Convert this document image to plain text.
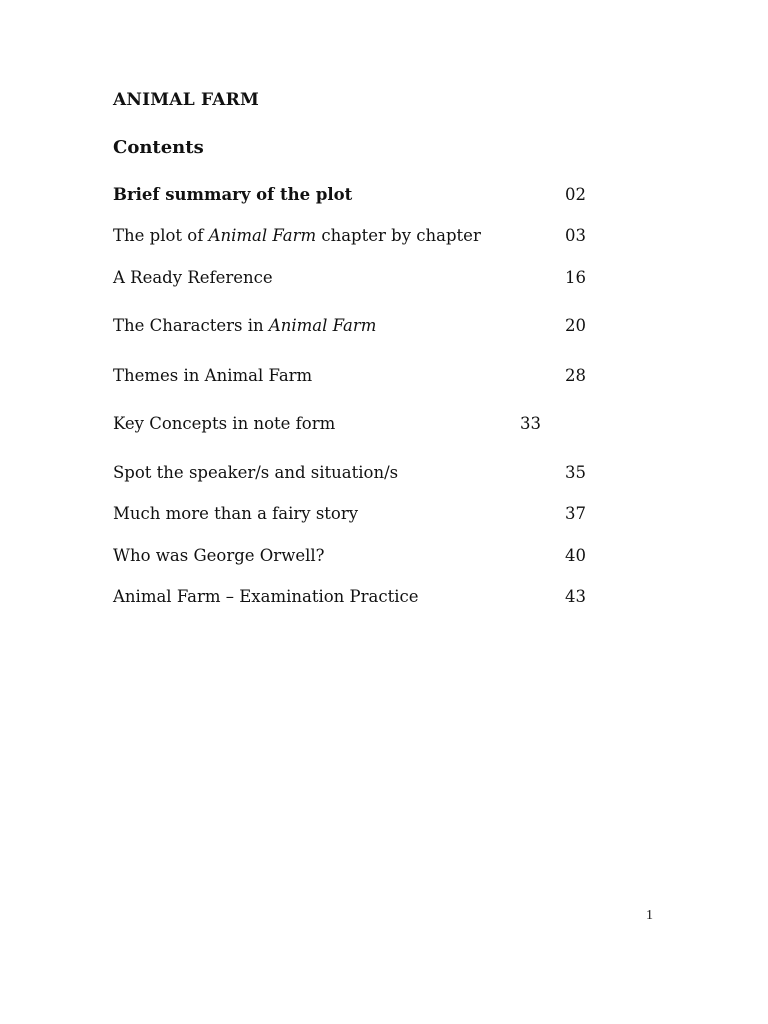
ANIMAL FARM
Contents
Brief summary of the plot	02
The plot of Animal Farm chapter by chapter	03
A Ready Reference	16
The Characters in Animal Farm	20
Themes in Animal Farm	28
Key Concepts in note form	33
Spot the speaker/s and situation/s	35
Much more than a fairy story	37
Who was George Orwell?	40
Animal Farm – Examination Practice	43
1
